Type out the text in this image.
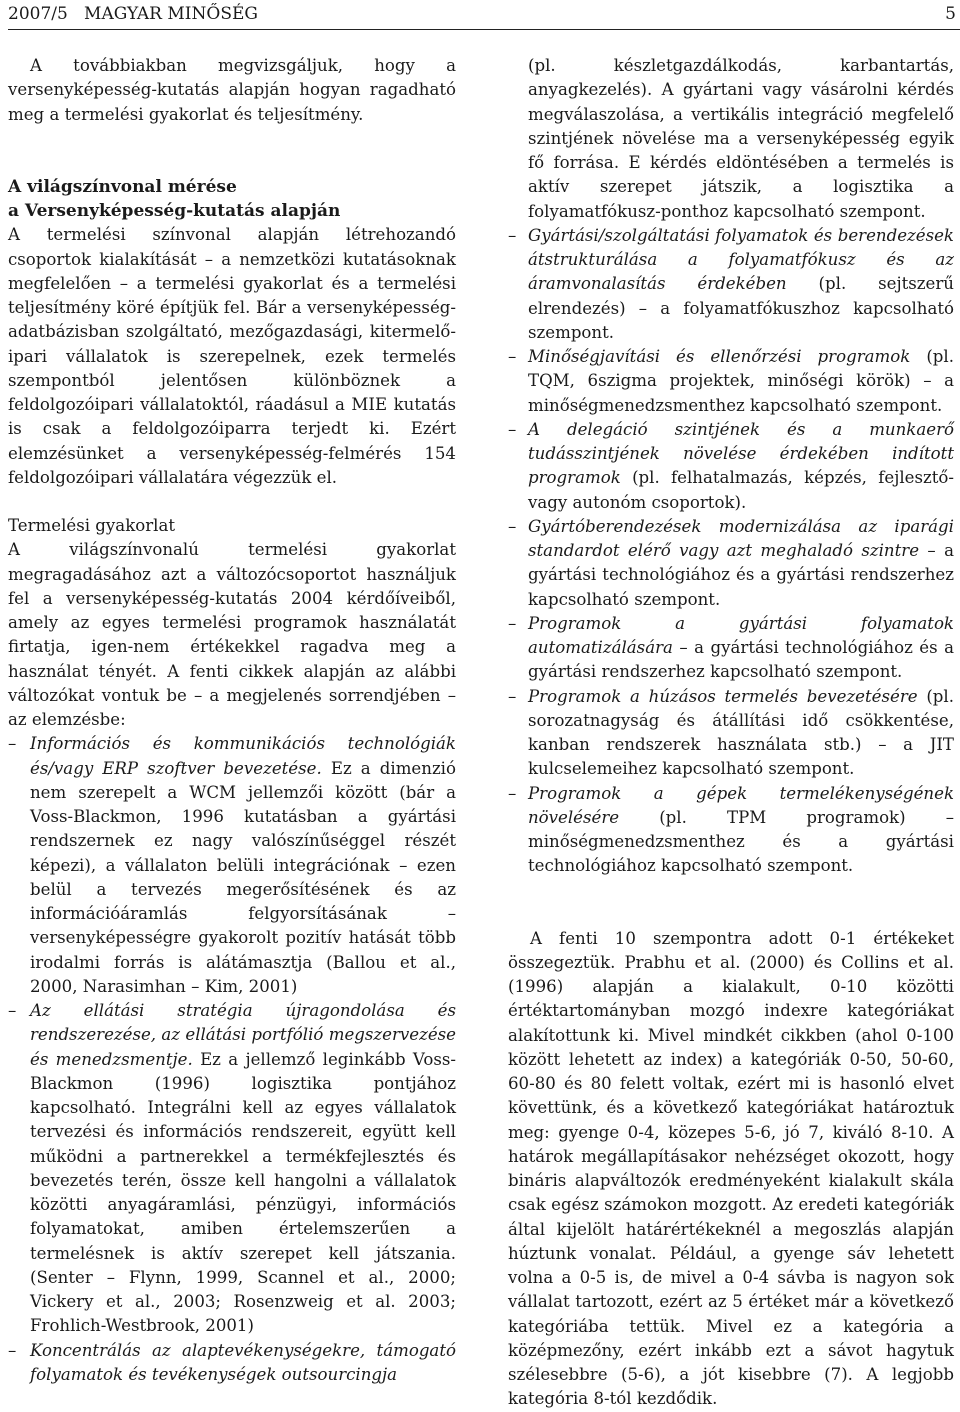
2007/5 MAGYAR MINŐSÉG	5

A továbbiakban megvizsgáljuk, hogy a versenyképesség-kutatás alapján hogyan ragadható meg a termelési gyakorlat és teljesítmény.

A világszínvonal mérése
a Versenyképesség-kutatás alapján

A termelési színvonal alapján létrehozandó csoportok kialakítását – a nemzetközi kutatásoknak megfelelően – a termelési gyakorlat és a termelési teljesítmény köré építjük fel. Bár a versenyképesség-adatbázisban szolgáltató, mezőgazdasági, kitermelő-ipari vállalatok is szerepelnek, ezek termelés szempontból jelentősen különböznek a feldolgozóipari vállalatoktól, ráadásul a MIE kutatás is csak a feldolgozóiparra terjedt ki. Ezért elemzésünket a versenyképesség-felmérés 154 feldolgozóipari vállalatára végezzük el.

Termelési gyakorlat

A világszínvonalú termelési gyakorlat megragadásához azt a változócsoportot használjuk fel a versenyképesség-kutatás 2004 kérdőíveiből, amely az egyes termelési programok használatát firtatja, igen-nem értékekkel ragadva meg a használat tényét. A fenti cikkek alapján az alábbi változókat vontuk be – a megjelenés sorrendjében – az elemzésbe:

– Információs és kommunikációs technológiák és/vagy ERP szoftver bevezetése. Ez a dimenzió nem szerepelt a WCM jellemzői között (bár a Voss-Blackmon, 1996 kutatásban a gyártási rendszernek ez nagy valószínűséggel részét képezi), a vállalaton belüli integrációnak – ezen belül a tervezés megerősítésének és az információáramlás felgyorsításának – versenyképességre gyakorolt pozitív hatását több irodalmi forrás is alátámasztja (Ballou et al., 2000, Narasimhan – Kim, 2001)

– Az ellátási stratégia újragondolása és rendszerezése, az ellátási portfólió megszervezése és menedzsmentje. Ez a jellemző leginkább Voss-Blackmon (1996) logisztika pontjához kapcsolható. Integrálni kell az egyes vállalatok tervezési és információs rendszereit, együtt kell működni a partnerekkel a termékfejlesztés és bevezetés terén, össze kell hangolni a vállalatok közötti anyagáramlási, pénzügyi, információs folyamatokat, amiben értelemszerűen a termelésnek is aktív szerepet kell játszania. (Senter – Flynn, 1999, Scannel et al., 2000; Vickery et al., 2003; Rosenzweig et al. 2003; Frohlich-Westbrook, 2001)

– Koncentrálás az alaptevékenységekre, támogató folyamatok és tevékenységek outsourcingja

(pl. készletgazdálkodás, karbantartás, anyagkezelés). A gyártani vagy vásárolni kérdés megválaszolása, a vertikális integráció megfelelő szintjének növelése ma a versenyképesség egyik fő forrása. E kérdés eldöntésében a termelés is aktív szerepet játszik, a logisztika a folyamatfókusz-ponthoz kapcsolható szempont.

– Gyártási/szolgáltatási folyamatok és berendezések átstrukturálása a folyamatfókusz és az áramvonalasítás érdekében (pl. sejtszerű elrendezés) – a folyamatfókuszhoz kapcsolható szempont.

– Minőségjavítási és ellenőrzési programok (pl. TQM, 6szigma projektek, minőségi körök) – a minőségmenedzsmenthez kapcsolható szempont.

– A delegáció szintjének és a munkaerő tudásszintjének növelése érdekében indított programok (pl. felhatalmazás, képzés, fejlesztő- vagy autonóm csoportok).

– Gyártóberendezések modernizálása az iparági standardot elérő vagy azt meghaladó szintre – a gyártási technológiához és a gyártási rendszerhez kapcsolható szempont.

– Programok a gyártási folyamatok automatizálására – a gyártási technológiához és a gyártási rendszerhez kapcsolható szempont.

– Programok a húzásos termelés bevezetésére (pl. sorozatnagyság és átállítási idő csökkentése, kanban rendszerek használata stb.) – a JIT kulcselemeihez kapcsolható szempont.

– Programok a gépek termelékenységének növelésére (pl. TPM programok) – minőségmenedzsmenthez és a gyártási technológiához kapcsolható szempont.

A fenti 10 szempontra adott 0-1 értékeket összegeztük. Prabhu et al. (2000) és Collins et al. (1996) alapján a kialakult, 0-10 közötti értéktartományban mozgó indexre kategóriákat alakítottunk ki. Mivel mindkét cikkben (ahol 0-100 között lehetett az index) a kategóriák 0-50, 50-60, 60-80 és 80 felett voltak, ezért mi is hasonló elvet követtünk, és a következő kategóriákat határoztuk meg: gyenge 0-4, közepes 5-6, jó 7, kiváló 8-10. A határok megállapításakor nehézséget okozott, hogy bináris alapváltozók eredményeként kialakult skála csak egész számokon mozgott. Az eredeti kategóriák által kijelölt határértékeknél a megoszlás alapján húztunk vonalat. Például, a gyenge sáv lehetett volna a 0-5 is, de mivel a 0-4 sávba is nagyon sok vállalat tartozott, ezért az 5 értéket már a következő kategóriába tettük. Mivel ez a kategória a középmezőny, ezért inkább ezt a sávot hagytuk szélesebbre (5-6), a jót kisebbre (7). A legjobb kategória 8-tól kezdődik.
